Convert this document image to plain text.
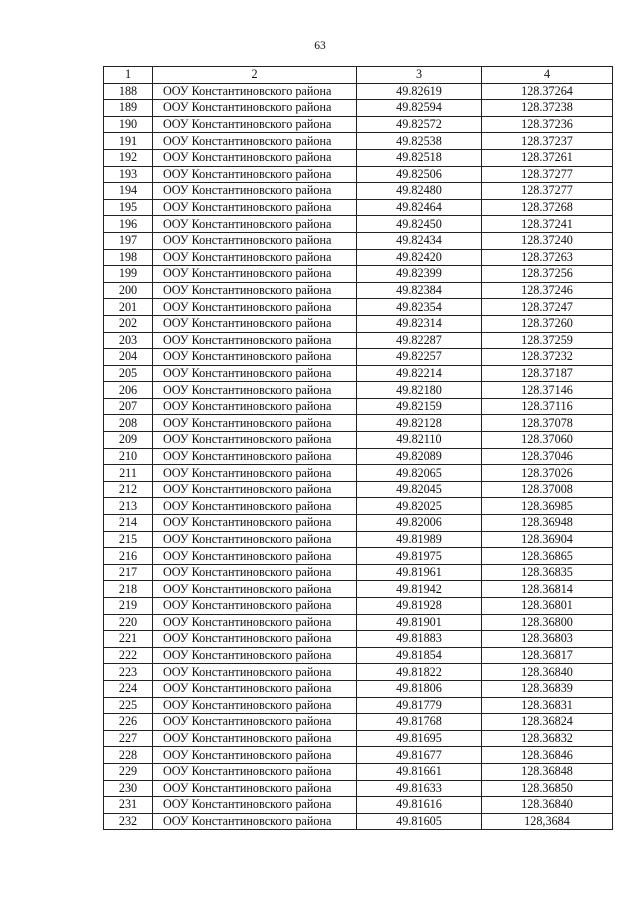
63
1	2	3	4
188	ООУ Константиновского района	49.82619	128.37264
189	ООУ Константиновского района	49.82594	128.37238
190	ООУ Константиновского района	49.82572	128.37236
191	ООУ Константиновского района	49.82538	128.37237
192	ООУ Константиновского района	49.82518	128.37261
193	ООУ Константиновского района	49.82506	128.37277
194	ООУ Константиновского района	49.82480	128.37277
195	ООУ Константиновского района	49.82464	128.37268
196	ООУ Константиновского района	49.82450	128.37241
197	ООУ Константиновского района	49.82434	128.37240
198	ООУ Константиновского района	49.82420	128.37263
199	ООУ Константиновского района	49.82399	128.37256
200	ООУ Константиновского района	49.82384	128.37246
201	ООУ Константиновского района	49.82354	128.37247
202	ООУ Константиновского района	49.82314	128.37260
203	ООУ Константиновского района	49.82287	128.37259
204	ООУ Константиновского района	49.82257	128.37232
205	ООУ Константиновского района	49.82214	128.37187
206	ООУ Константиновского района	49.82180	128.37146
207	ООУ Константиновского района	49.82159	128.37116
208	ООУ Константиновского района	49.82128	128.37078
209	ООУ Константиновского района	49.82110	128.37060
210	ООУ Константиновского района	49.82089	128.37046
211	ООУ Константиновского района	49.82065	128.37026
212	ООУ Константиновского района	49.82045	128.37008
213	ООУ Константиновского района	49.82025	128.36985
214	ООУ Константиновского района	49.82006	128.36948
215	ООУ Константиновского района	49.81989	128.36904
216	ООУ Константиновского района	49.81975	128.36865
217	ООУ Константиновского района	49.81961	128.36835
218	ООУ Константиновского района	49.81942	128.36814
219	ООУ Константиновского района	49.81928	128.36801
220	ООУ Константиновского района	49.81901	128.36800
221	ООУ Константиновского района	49.81883	128.36803
222	ООУ Константиновского района	49.81854	128.36817
223	ООУ Константиновского района	49.81822	128.36840
224	ООУ Константиновского района	49.81806	128.36839
225	ООУ Константиновского района	49.81779	128.36831
226	ООУ Константиновского района	49.81768	128.36824
227	ООУ Константиновского района	49.81695	128.36832
228	ООУ Константиновского района	49.81677	128.36846
229	ООУ Константиновского района	49.81661	128.36848
230	ООУ Константиновского района	49.81633	128.36850
231	ООУ Константиновского района	49.81616	128.36840
232	ООУ Константиновского района	49.81605	128,3684
